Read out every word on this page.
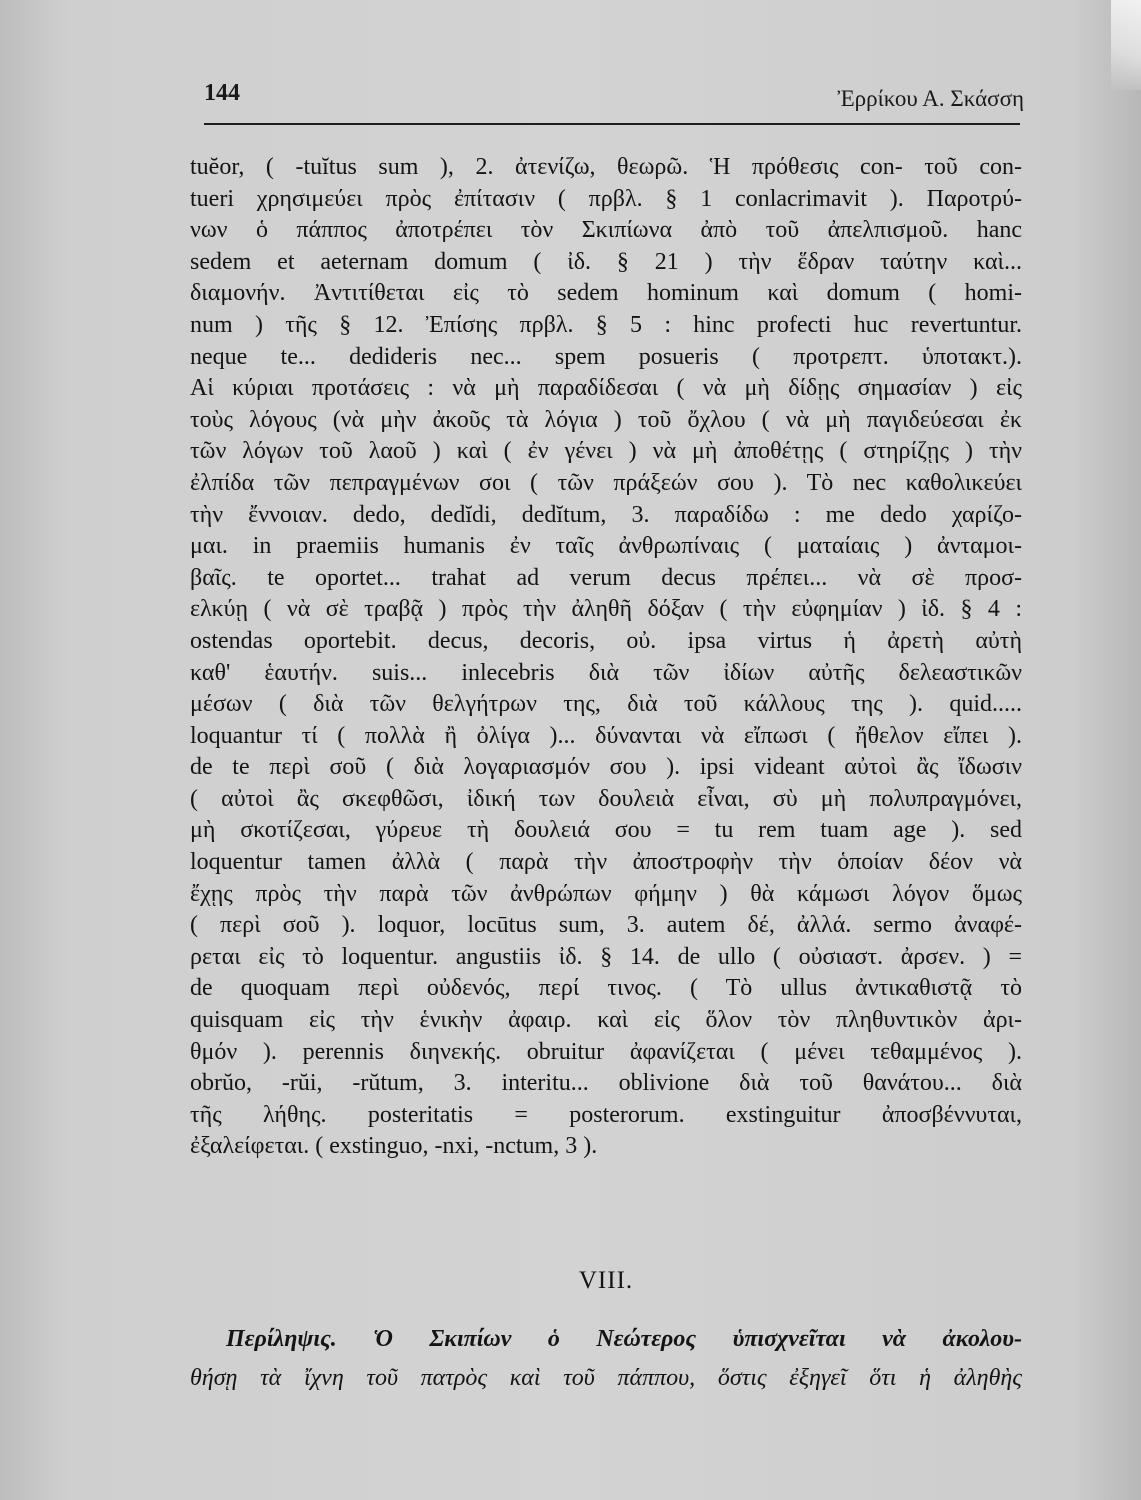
144	Ἐρρίκου Α. Σκάσση
tuĕor, ( -tuĭtus sum ), 2. ἀτενίζω, θεωρῶ. Ἡ πρόθεσις con- τοῦ con-
tueri χρησιμεύει πρὸς ἐπίτασιν ( πρβλ. § 1 conlacrimavit ). Παροτρύ-
νων ὁ πάππος ἀποτρέπει τὸν Σκιπίωνα ἀπὸ τοῦ ἀπελπισμοῦ. hanc
sedem et aeternam domum ( ἰδ. § 21 ) τὴν ἕδραν ταύτην καὶ...
διαμονήν. Ἀντιτίθεται εἰς τὸ sedem hominum καὶ domum ( homi-
num ) τῆς § 12. Ἐπίσης πρβλ. § 5 : hinc profecti huc revertuntur.
neque te... dedideris nec... spem posueris ( προτρεπτ. ὑποτακτ.).
Αἱ κύριαι προτάσεις : νὰ μὴ παραδίδεσαι ( νὰ μὴ δίδῃς σημασίαν ) εἰς
τοὺς λόγους (νὰ μὴν ἀκοῦς τὰ λόγια ) τοῦ ὄχλου ( νὰ μὴ παγιδεύεσαι ἐκ
τῶν λόγων τοῦ λαοῦ ) καὶ ( ἐν γένει ) νὰ μὴ ἀποθέτῃς ( στηρίζῃς ) τὴν
ἐλπίδα τῶν πεπραγμένων σοι ( τῶν πράξεών σου ). Τὸ nec καθολικεύει
τὴν ἔννοιαν. dedo, dedĭdi, dedĭtum, 3. παραδίδω : me dedo χαρίζο-
μαι. in praemiis humanis ἐν ταῖς ἀνθρωπίναις ( ματαίαις ) ἀνταμοι-
βαῖς. te oportet... trahat ad verum decus πρέπει... νὰ σὲ προσ-
ελκύῃ ( νὰ σὲ τραβᾷ ) πρὸς τὴν ἀληθῆ δόξαν ( τὴν εὐφημίαν ) ἰδ. § 4 :
ostendas oportebit. decus, decoris, οὐ. ipsa virtus ἡ ἀρετὴ αὐτὴ
καθ' ἑαυτήν. suis... inlecebris διὰ τῶν ἰδίων αὐτῆς δελεαστικῶν
μέσων ( διὰ τῶν θελγήτρων της, διὰ τοῦ κάλλους της ). quid.....
loquantur τί ( πολλὰ ἢ ὀλίγα )... δύνανται νὰ εἴπωσι ( ἤθελον εἴπει ).
de te περὶ σοῦ ( διὰ λογαριασμόν σου ). ipsi videant αὐτοὶ ἂς ἴδωσιν
( αὐτοὶ ἂς σκεφθῶσι, ἰδική των δουλειὰ εἶναι, σὺ μὴ πολυπραγμόνει,
μὴ σκοτίζεσαι, γύρευε τὴ δουλειά σου = tu rem tuam age ). sed
loquentur tamen ἀλλὰ ( παρὰ τὴν ἀποστροφὴν τὴν ὁποίαν δέον νὰ
ἔχῃς πρὸς τὴν παρὰ τῶν ἀνθρώπων φήμην ) θὰ κάμωσι λόγον ὅμως
( περὶ σοῦ ). loquor, locūtus sum, 3. autem δέ, ἀλλά. sermo ἀναφέ-
ρεται εἰς τὸ loquentur. angustiis ἰδ. § 14. de ullo ( οὐσιαστ. ἀρσεν. ) =
de quoquam περὶ οὐδενός, περί τινος. ( Τὸ ullus ἀντικαθιστᾷ τὸ
quisquam εἰς τὴν ἑνικὴν ἀφαιρ. καὶ εἰς ὅλον τὸν πληθυντικὸν ἀρι-
θμόν ). perennis διηνεκής. obruitur ἀφανίζεται ( μένει τεθαμμένος ).
obrŭo, -rŭi, -rŭtum, 3. interitu... oblivione διὰ τοῦ θανάτου... διὰ
τῆς λήθης. posteritatis = posterorum. exstinguitur ἀποσβέννυται,
ἐξαλείφεται. ( exstinguo, -nxi, -nctum, 3 ).
VIII.
Περίληψις. Ὁ Σκιπίων ὁ Νεώτερος ὑπισχνεῖται νὰ ἀκολου-
θήσῃ τὰ ἴχνη τοῦ πατρὸς καὶ τοῦ πάππου, ὅστις ἐξηγεῖ ὅτι ἡ ἀληθὴς
